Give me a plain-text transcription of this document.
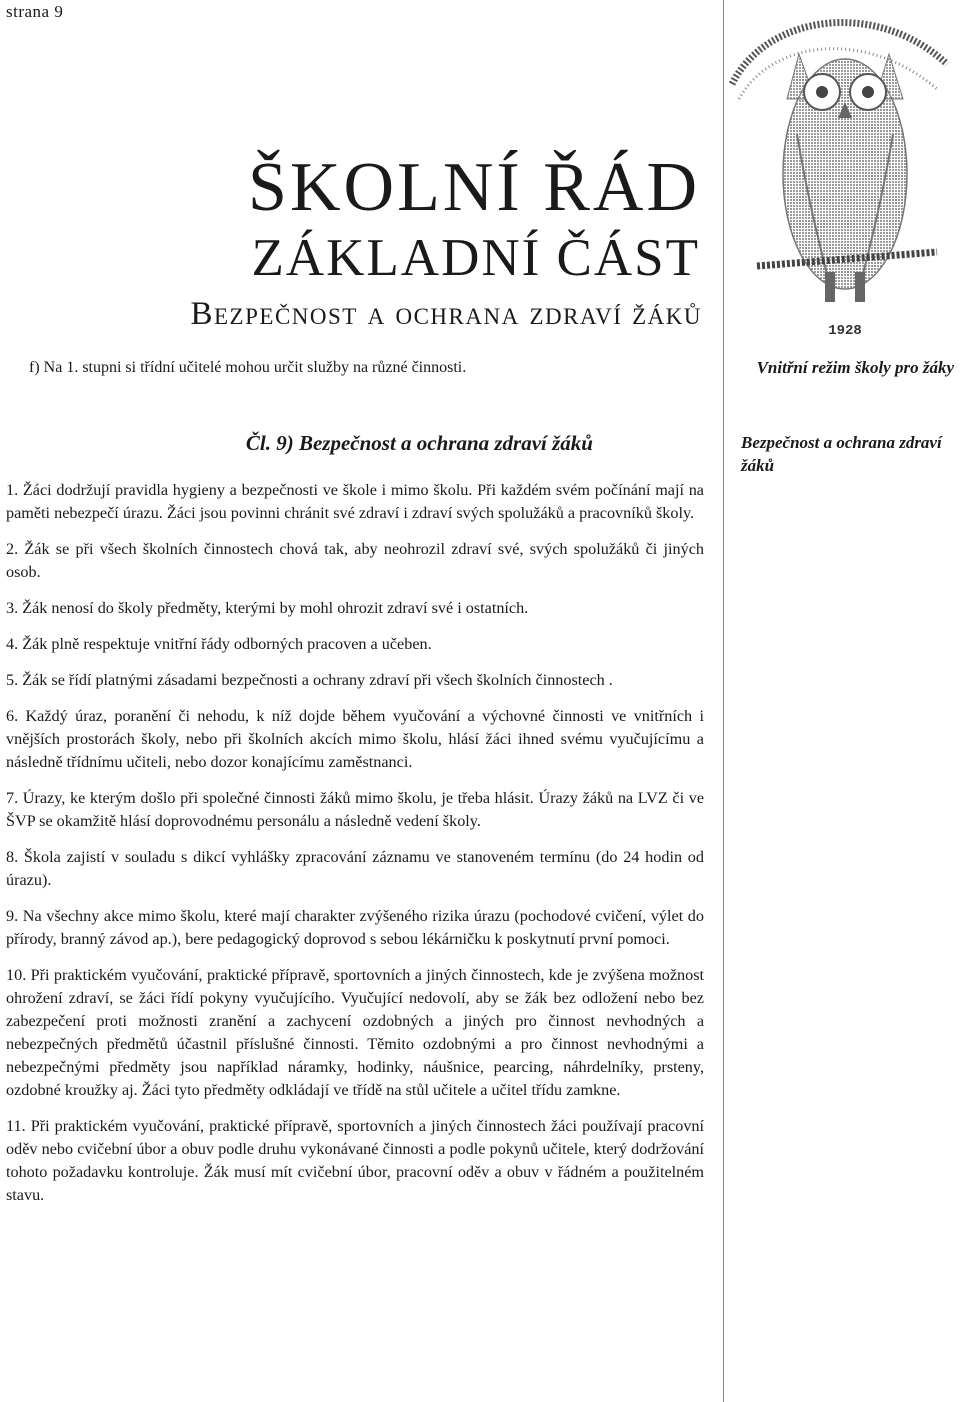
strana 9
1928
ŠKOLNÍ ŘÁD
ZÁKLADNÍ ČÁST
Bezpečnost a ochrana zdraví žáků
f) Na 1. stupni si třídní učitelé mohou určit služby na různé činnosti.	Vnitřní režim školy pro žáky
Čl. 9) Bezpečnost a ochrana zdraví žáků	Bezpečnost a ochrana zdraví žáků

1. Žáci dodržují pravidla hygieny a bezpečnosti ve škole i mimo školu. Při každém svém počínání mají na paměti nebezpečí úrazu. Žáci jsou povinni chránit své zdraví i zdraví svých spolužáků a pracovníků školy.

2. Žák se při všech školních činnostech chová tak, aby neohrozil zdraví své, svých spolužáků či jiných osob.

3. Žák nenosí do školy předměty, kterými by mohl ohrozit zdraví své i ostatních.

4. Žák plně respektuje vnitřní řády odborných pracoven a učeben.

5. Žák se řídí platnými zásadami bezpečnosti a ochrany zdraví při všech školních činnostech .

6. Každý úraz, poranění či nehodu, k níž dojde během vyučování a výchovné činnosti ve vnitřních i vnějších prostorách školy, nebo při školních akcích mimo školu, hlásí žáci ihned svému vyučujícímu a následně třídnímu učiteli, nebo dozor konajícímu zaměstnanci.

7. Úrazy, ke kterým došlo při společné činnosti žáků mimo školu, je třeba hlásit. Úrazy žáků na LVZ či ve ŠVP se okamžitě hlásí doprovodnému personálu a následně vedení školy.

8. Škola zajistí v souladu s dikcí vyhlášky zpracování záznamu ve stanoveném termínu (do 24 hodin od úrazu).

9. Na všechny akce mimo školu, které mají charakter zvýšeného rizika úrazu (pochodové cvičení, výlet do přírody, branný závod ap.), bere pedagogický doprovod s sebou lékárničku k poskytnutí první pomoci.

10. Při praktickém vyučování, praktické přípravě, sportovních a jiných činnostech, kde je zvýšena možnost ohrožení zdraví, se žáci řídí pokyny vyučujícího. Vyučující nedovolí, aby se žák bez odložení nebo bez zabezpečení proti možnosti zranění a zachycení ozdobných a jiných pro činnost nevhodných a nebezpečných předmětů účastnil příslušné činnosti. Těmito ozdobnými a pro činnost nevhodnými a nebezpečnými předměty jsou například náramky, hodinky, náušnice, pearcing, náhrdelníky, prsteny, ozdobné kroužky aj. Žáci tyto předměty odkládají ve třídě na stůl učitele a učitel třídu zamkne.

11. Při praktickém vyučování, praktické přípravě, sportovních a jiných činnostech žáci používají pracovní oděv nebo cvičební úbor a obuv podle druhu vykonávané činnosti a podle pokynů učitele, který dodržování tohoto požadavku kontroluje. Žák musí mít cvičební úbor, pracovní oděv a obuv v řádném a použitelném stavu.
